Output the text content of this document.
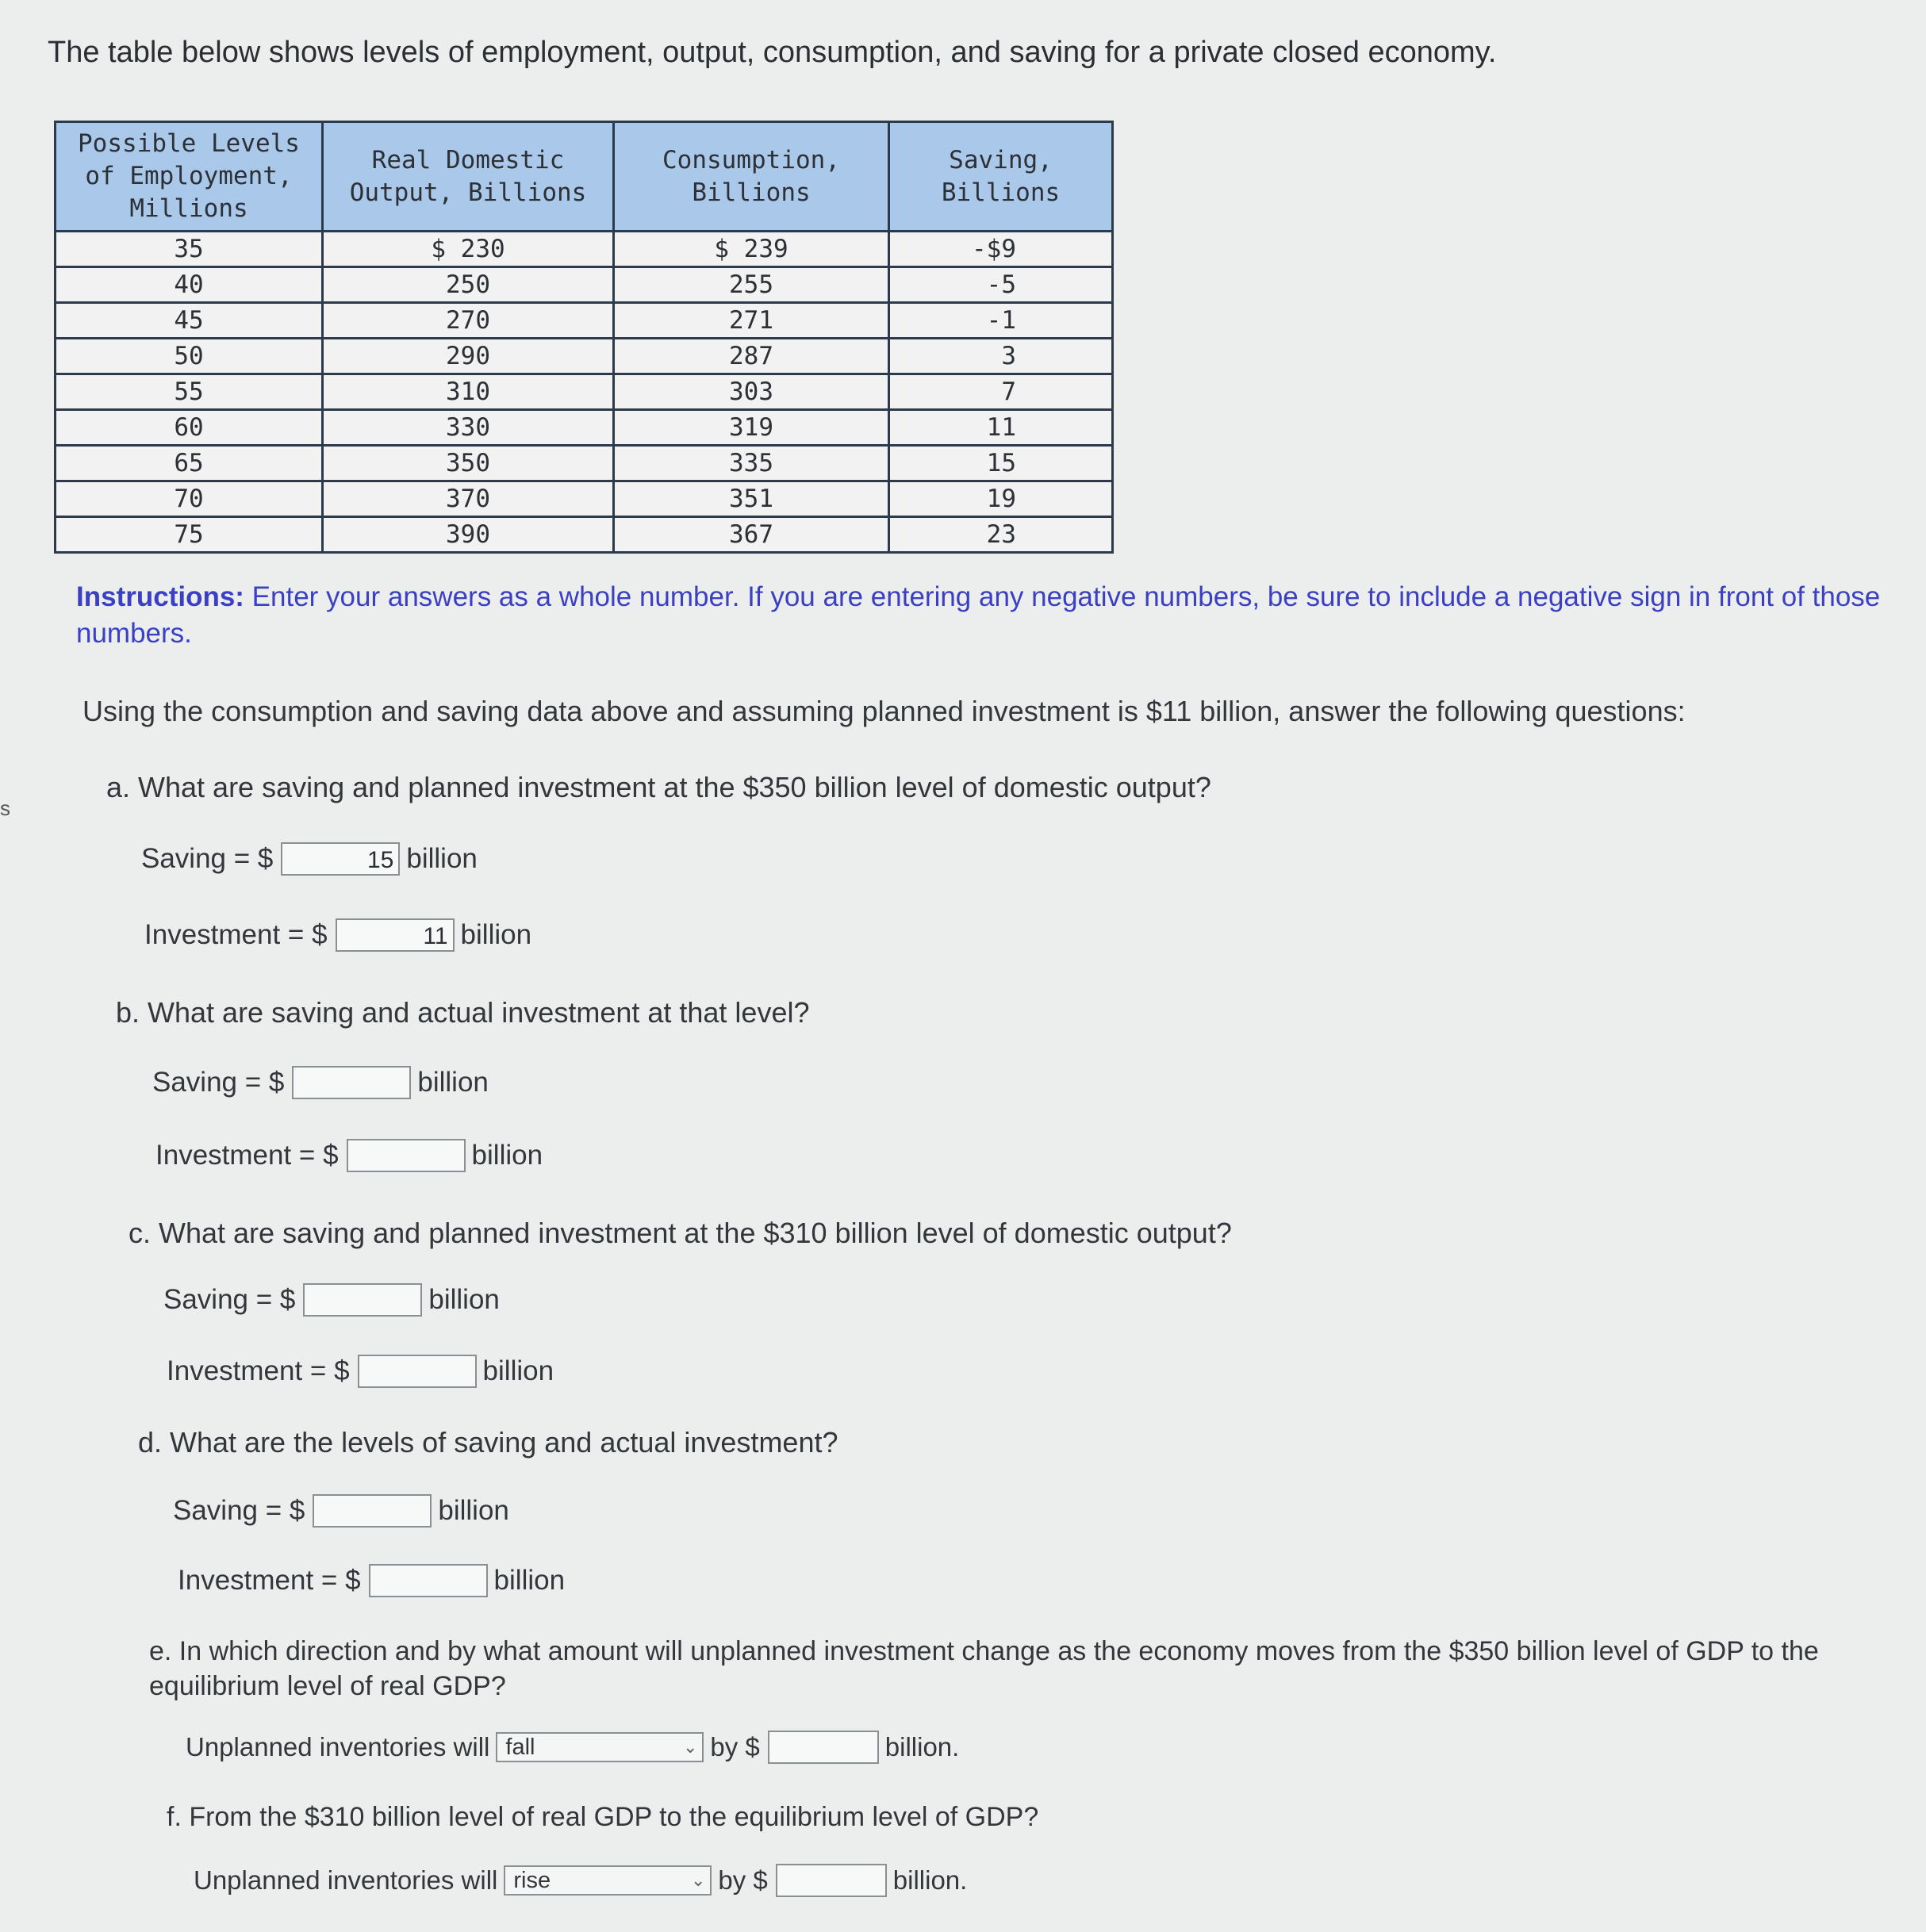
The table below shows levels of employment, output, consumption, and saving for a private closed economy.
Possible Levels of Employment, Millions	Real Domestic Output, Billions	Consumption, Billions	Saving, Billions
35	$ 230	$ 239	-$9
40	250	255	-5
45	270	271	-1
50	290	287	3
55	310	303	7
60	330	319	11
65	350	335	15
70	370	351	19
75	390	367	23
Instructions: Enter your answers as a whole number. If you are entering any negative numbers, be sure to include a negative sign in front of those numbers.
Using the consumption and saving data above and assuming planned investment is $11 billion, answer the following questions:
a. What are saving and planned investment at the $350 billion level of domestic output?
Saving = $	15 billion
Investment = $	11 billion
b. What are saving and actual investment at that level?
Saving = $	billion
Investment = $	billion
c. What are saving and planned investment at the $310 billion level of domestic output?
Saving = $	billion
Investment = $	billion
d. What are the levels of saving and actual investment?
Saving = $	billion
Investment = $	billion
e. In which direction and by what amount will unplanned investment change as the economy moves from the $350 billion level of GDP to the equilibrium level of real GDP?
Unplanned inventories will fall	⌄ by $	billion.
f. From the $310 billion level of real GDP to the equilibrium level of GDP?
Unplanned inventories will rise	⌄ by $	billion.
s
